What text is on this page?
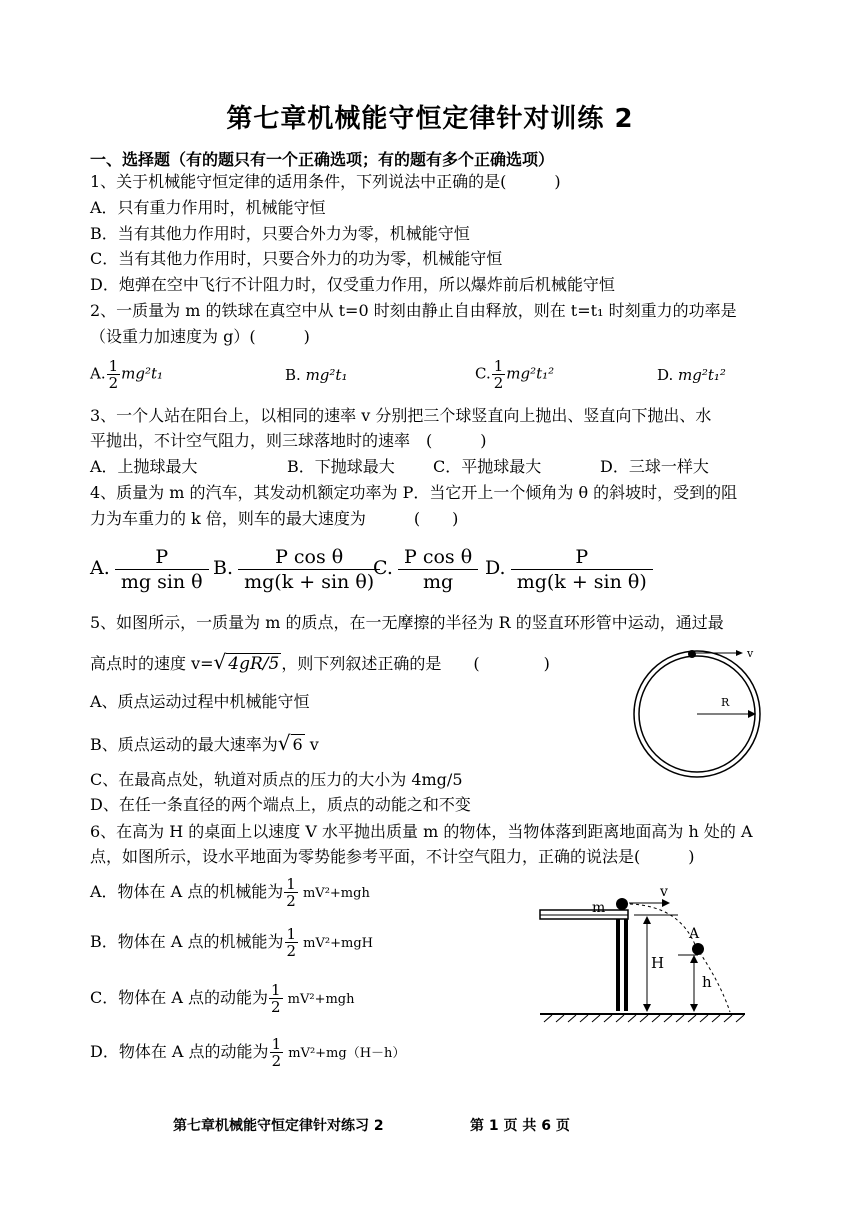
第七章机械能守恒定律针对训练 2
一、选择题（有的题只有一个正确选项；有的题有多个正确选项）
1、关于机械能守恒定律的适用条件，下列说法中正确的是(　　　)
A．只有重力作用时，机械能守恒
B．当有其他力作用时，只要合外力为零，机械能守恒
C．当有其他力作用时，只要合外力的功为零，机械能守恒
D．炮弹在空中飞行不计阻力时，仅受重力作用，所以爆炸前后机械能守恒
2、一质量为 m 的铁球在真空中从 t=0 时刻由静止自由释放，则在 t=t₁ 时刻重力的功率是
（设重力加速度为 g）(　　　)
A. $\frac{1}{2} mg^2t_1$	B. mg²t₁	C. $\frac{1}{2} mg^2t_1^2$	D. mg²t₁²
3、一个人站在阳台上，以相同的速率 v 分别把三个球竖直向上抛出、竖直向下抛出、水
平抛出，不计空气阻力，则三球落地时的速率　(　　　)
A．上抛球最大	B．下抛球最大 C．平抛球最大	D．三球一样大
4、质量为 m 的汽车，其发动机额定功率为 P．当它开上一个倾角为 θ 的斜坡时，受到的阻
力为车重力的 k 倍，则车的最大速度为　　　(　　)
A. $\frac{P}{\text{mg sin θ}} B$. $\frac{\text{P cos θ}}{\text{mg(k + sin θ)}}$
C. $\frac{\text{P cos θ}}{mg} D$. $\frac{P}{\text{mg(k + sin θ)}}$
5、如图所示，一质量为 m 的质点，在一无摩擦的半径为 R 的竖直环形管中运动，通过最
高点时的速度 v=√ 4gR/5 ，则下列叙述正确的是　　(　　　　)
A、质点运动过程中机械能守恒
B、质点运动的最大速率为√ 6 v
C、在最高点处，轨道对质点的压力的大小为 4mg/5
D、在任一条直径的两个端点上，质点的动能之和不变
v
R
6、在高为 H 的桌面上以速度 V 水平抛出质量 m 的物体，当物体落到距离地面高为 h 处的 A
点，如图所示，设水平地面为零势能参考平面，不计空气阻力，正确的说法是(　　　)
A．物体在 A 点的机械能为 $\frac{1}{2} mV^2+mgh$
B．物体在 A 点的机械能为 $\frac{1}{2} mV^2+mgH$
C．物体在 A 点的动能为 $\frac{1}{2} mV^2+mgh$
D．物体在 A 点的动能为 $\frac{1}{2} mV^2+mg(H-h)$
m
v
A
H
h
第七章机械能守恒定律针对练习 2	第 1 页 共 6 页
